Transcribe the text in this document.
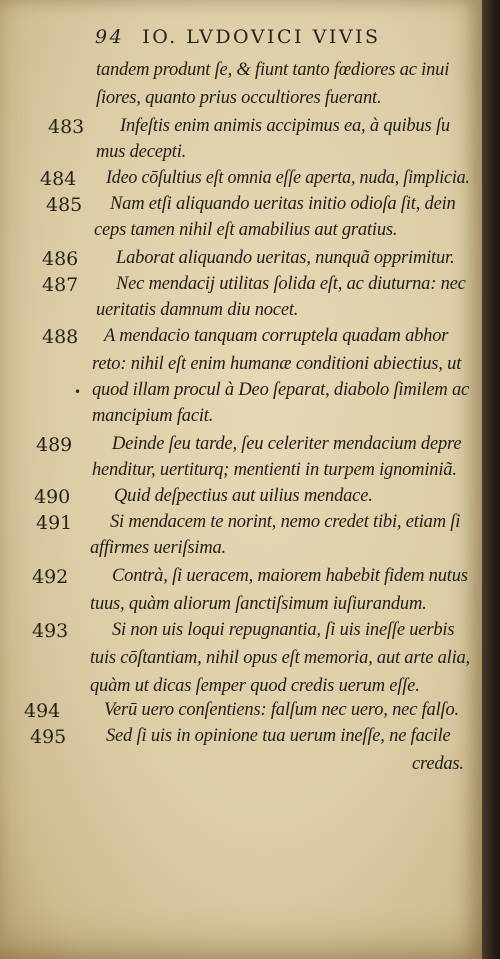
94 IO. LVDOVICI VIVIS
tandem produnt ſe, & fiunt tanto fœdiores ac inui
ſiores, quanto prius occultiores fuerant.
483 Infeſtis enim animis accipimus ea, à quibus ſu
mus decepti.
484 Ideo cōſultius eſt omnia eſſe aperta, nuda, ſimplicia.
485 Nam etſi aliquando ueritas initio odioſa ſit, dein
ceps tamen nihil eſt amabilius aut gratius.
486 Laborat aliquando ueritas, nunquã opprimitur.
487 Nec mendacij utilitas ſolida eſt, ac diuturna: nec
ueritatis damnum diu nocet.
488 A mendacio tanquam corruptela quadam abhor
reto: nihil eſt enim humanæ conditioni abiectius, ut
quod illam procul à Deo ſeparat, diabolo ſimilem ac
•
mancipium facit.
489 Deinde ſeu tarde, ſeu celeriter mendacium depre
henditur, uertiturq; mentienti in turpem ignominiã.
490 Quid deſpectius aut uilius mendace.
491 Si mendacem te norint, nemo credet tibi, etiam ſi
affirmes ueriſsima.
492 Contrà, ſi ueracem, maiorem habebit fidem nutus
tuus, quàm aliorum ſanctiſsimum iuſiurandum.
493 Si non uis loqui repugnantia, ſi uis ineſſe uerbis
tuis cōſtantiam, nihil opus eſt memoria, aut arte alia,
quàm ut dicas ſemper quod credis uerum eſſe.
494 Verū uero conſentiens: falſum nec uero, nec falſo.
495 Sed ſi uis in opinione tua uerum ineſſe, ne facile
credas.
